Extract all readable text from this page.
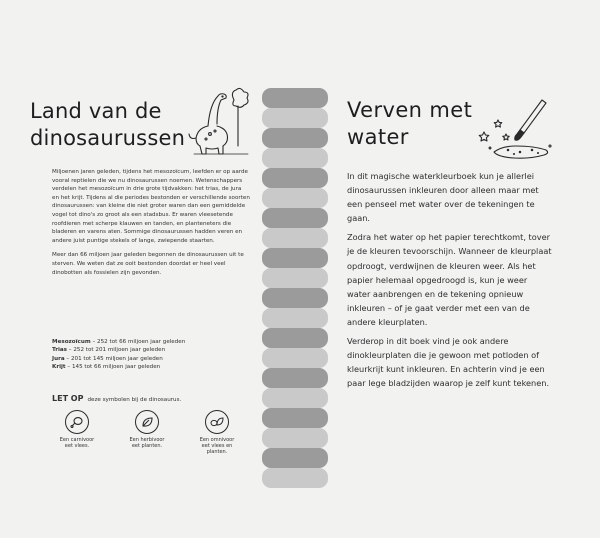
Land van de dinosaurussen

Miljoenen jaren geleden, tijdens het mesozoïcum, leefden er op aarde vooral reptielen die we nu dinosaurussen noemen. Wetenschappers verdelen het mesozoïcum in drie grote tijdvakken: het trias, de jura en het krijt. Tijdens al die periodes bestonden er verschillende soorten dinosaurussen: van kleine die niet groter waren dan een gemiddelde vogel tot dino's zo groot als een stadsbus. Er waren vleesetende roofdieren met scherpe klauwen en tanden, en planteneters die bladeren en varens aten. Sommige dinosaurussen hadden veren en andere juist puntige stekels of lange, zwiepende staarten.

Meer dan 66 miljoen jaar geleden begonnen de dinosaurussen uit te sterven. We weten dat ze ooit bestonden doordat er heel veel dinobotten als fossielen zijn gevonden.

Mesozoïcum – 252 tot 66 miljoen jaar geleden
Trias – 252 tot 201 miljoen jaar geleden
Jura – 201 tot 145 miljoen jaar geleden
Krijt – 145 tot 66 miljoen jaar geleden
LET OP deze symbolen bij de dinosaurus.
Een carnivoor
eet vlees.
Een herbivoor
eet planten.
Een omnivoor
eet vlees en planten.
Verven met water

In dit magische waterkleurboek kun je allerlei dinosaurussen inkleuren door alleen maar met een penseel met water over de tekeningen te gaan.

Zodra het water op het papier terechtkomt, tover je de kleuren tevoorschijn. Wanneer de kleurplaat opdroogt, verdwijnen de kleuren weer. Als het papier helemaal opgedroogd is, kun je weer water aanbrengen en de tekening opnieuw inkleuren – of je gaat verder met een van de andere kleurplaten.

Verderop in dit boek vind je ook andere dinokleurplaten die je gewoon met potloden of kleurkrijt kunt inkleuren. En achterin vind je een paar lege bladzijden waarop je zelf kunt tekenen.
